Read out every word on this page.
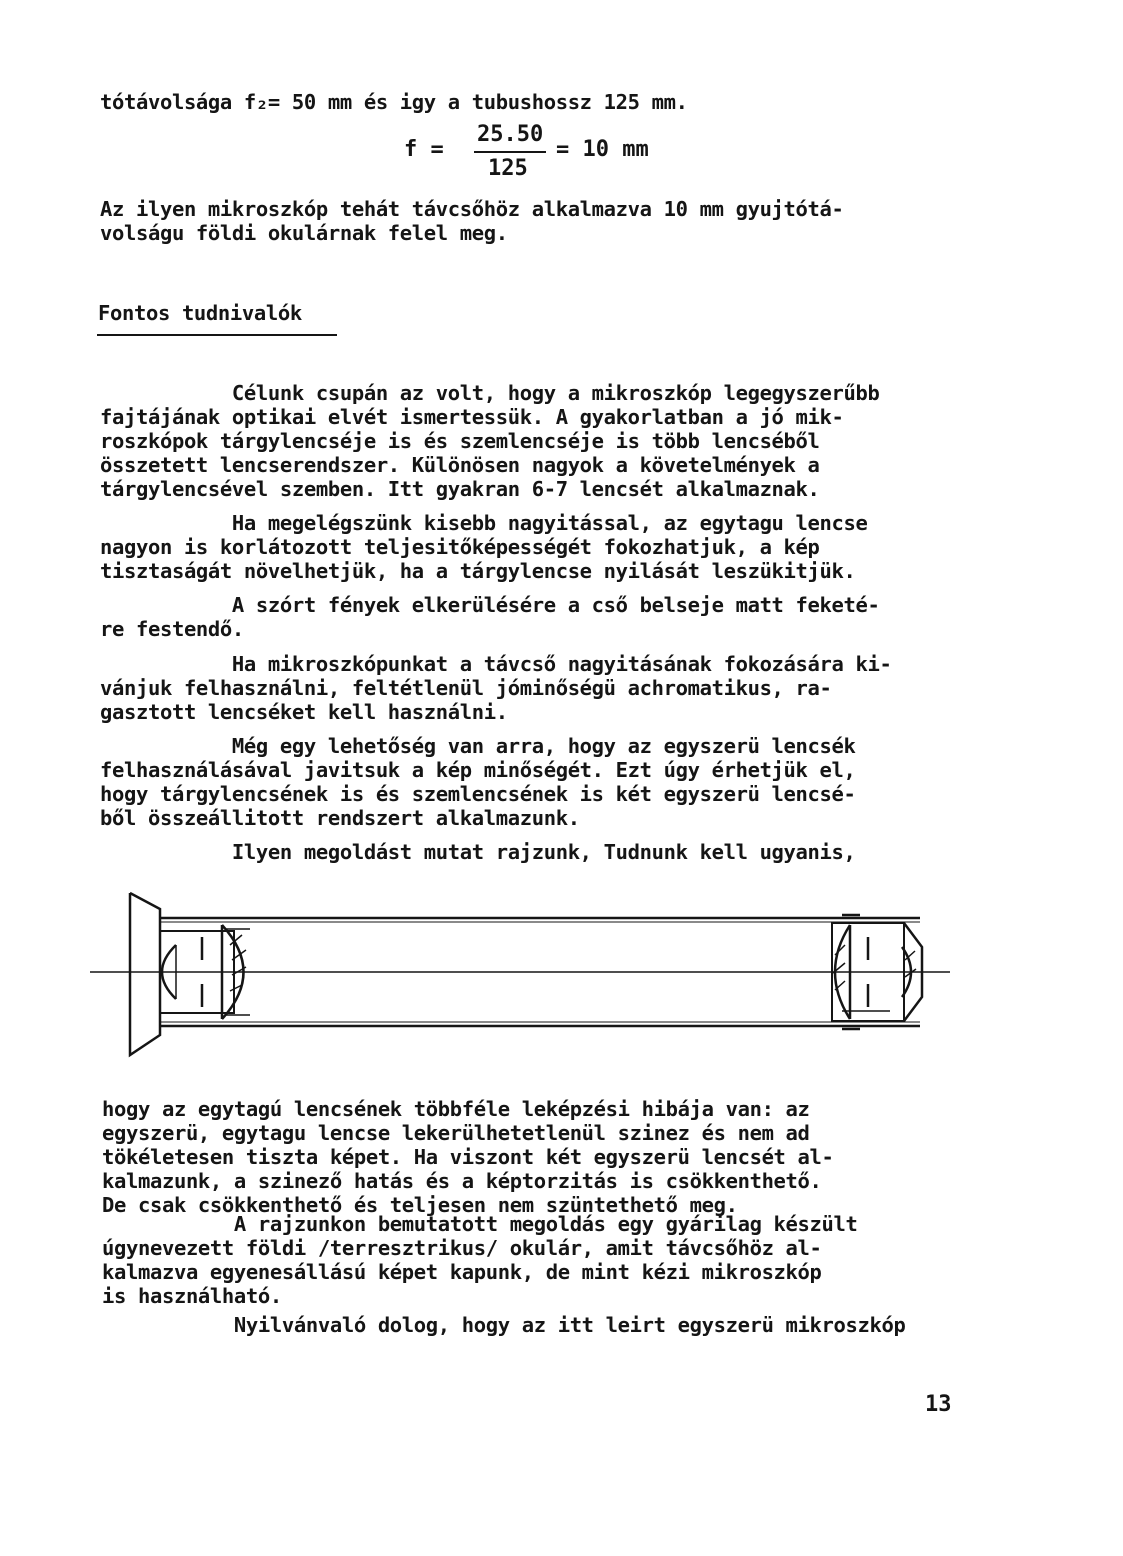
tótávolsága f₂= 50 mm és igy a tubushossz 125 mm.
f =
25.50
125
= 10 mm
Az ilyen mikroszkóp tehát távcsőhöz alkalmazva 10 mm gyujtótá-
volságu földi okulárnak felel meg.
Fontos tudnivalók
Célunk csupán az volt, hogy a mikroszkóp legegyszerűbb
fajtájának optikai elvét ismertessük. A gyakorlatban a jó mik-
roszkópok tárgylencséje is és szemlencséje is több lencséből
összetett lencserendszer. Különösen nagyok a követelmények a
tárgylencsével szemben. Itt gyakran 6-7 lencsét alkalmaznak.
Ha megelégszünk kisebb nagyitással, az egytagu lencse
nagyon is korlátozott teljesitőképességét fokozhatjuk, a kép
tisztaságát növelhetjük, ha a tárgylencse nyilását leszükitjük.
A szórt fények elkerülésére a cső belseje matt feketé-
re festendő.
Ha mikroszkópunkat a távcső nagyitásának fokozására ki-
vánjuk felhasználni, feltétlenül jóminőségü achromatikus, ra-
gasztott lencséket kell használni.
Még egy lehetőség van arra, hogy az egyszerü lencsék
felhasználásával javitsuk a kép minőségét. Ezt úgy érhetjük el,
hogy tárgylencsének is és szemlencsének is két egyszerü lencsé-
ből összeállitott rendszert alkalmazunk.
Ilyen megoldást mutat rajzunk, Tudnunk kell ugyanis,
hogy az egytagú lencsének többféle leképzési hibája van: az
egyszerü, egytagu lencse lekerülhetetlenül szinez és nem ad
tökéletesen tiszta képet. Ha viszont két egyszerü lencsét al-
kalmazunk, a szinező hatás és a képtorzitás is csökkenthető.
De csak csökkenthető és teljesen nem szüntethető meg.
A rajzunkon bemutatott megoldás egy gyárilag készült
úgynevezett földi /terresztrikus/ okulár, amit távcsőhöz al-
kalmazva egyenesállású képet kapunk, de mint kézi mikroszkóp
is használható.
Nyilvánvaló dolog, hogy az itt leirt egyszerü mikroszkóp
13
